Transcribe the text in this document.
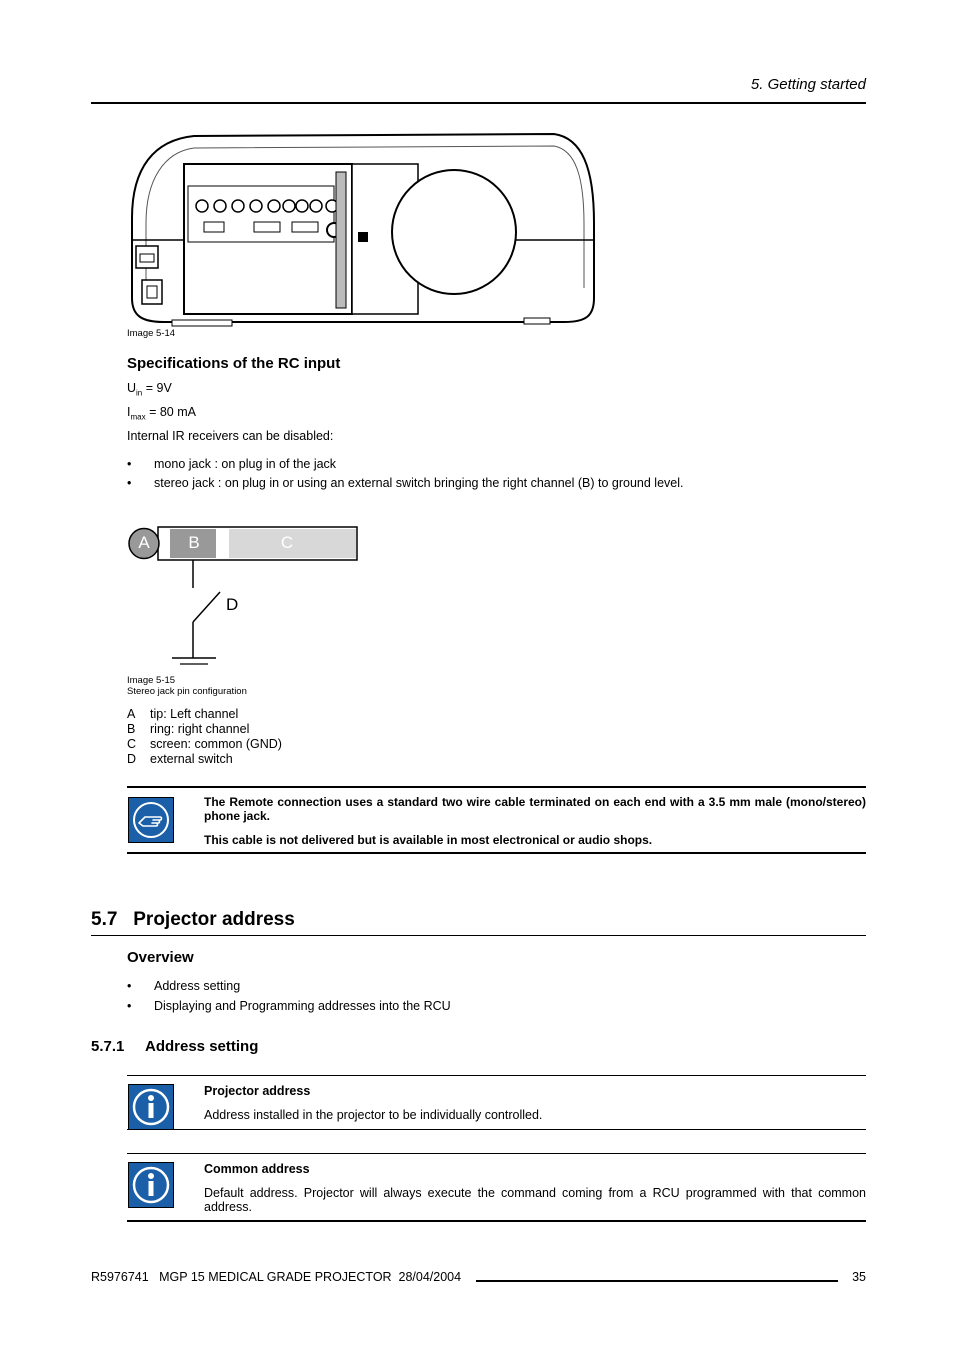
5. Getting started
Image 5-14
Specifications of the RC input
$U_{in} = 9V$
$I_{max} = 80$ mA
Internal IR receivers can be disabled:
• mono jack : on plug in of the jack
• stereo jack : on plug in or using an external switch bringing the right channel (B) to ground level.
A B	C
D
Image 5-15
Stereo jack pin configuration
A tip: Left channel
B ring: right channel
C screen: common (GND)
D external switch
The Remote connection uses a standard two wire cable terminated on each end with a 3.5 mm male (mono/stereo) phone jack.
This cable is not delivered but is available in most electronical or audio shops.
5.7   Projector address
Overview
• Address setting
• Displaying and Programming addresses into the RCU
5.7.1 Address setting
Projector address
Address installed in the projector to be individually controlled.
Common address
Default address. Projector will always execute the command coming from a RCU programmed with that common address.
R5976741   MGP 15 MEDICAL GRADE PROJECTOR  28/04/2004	35
